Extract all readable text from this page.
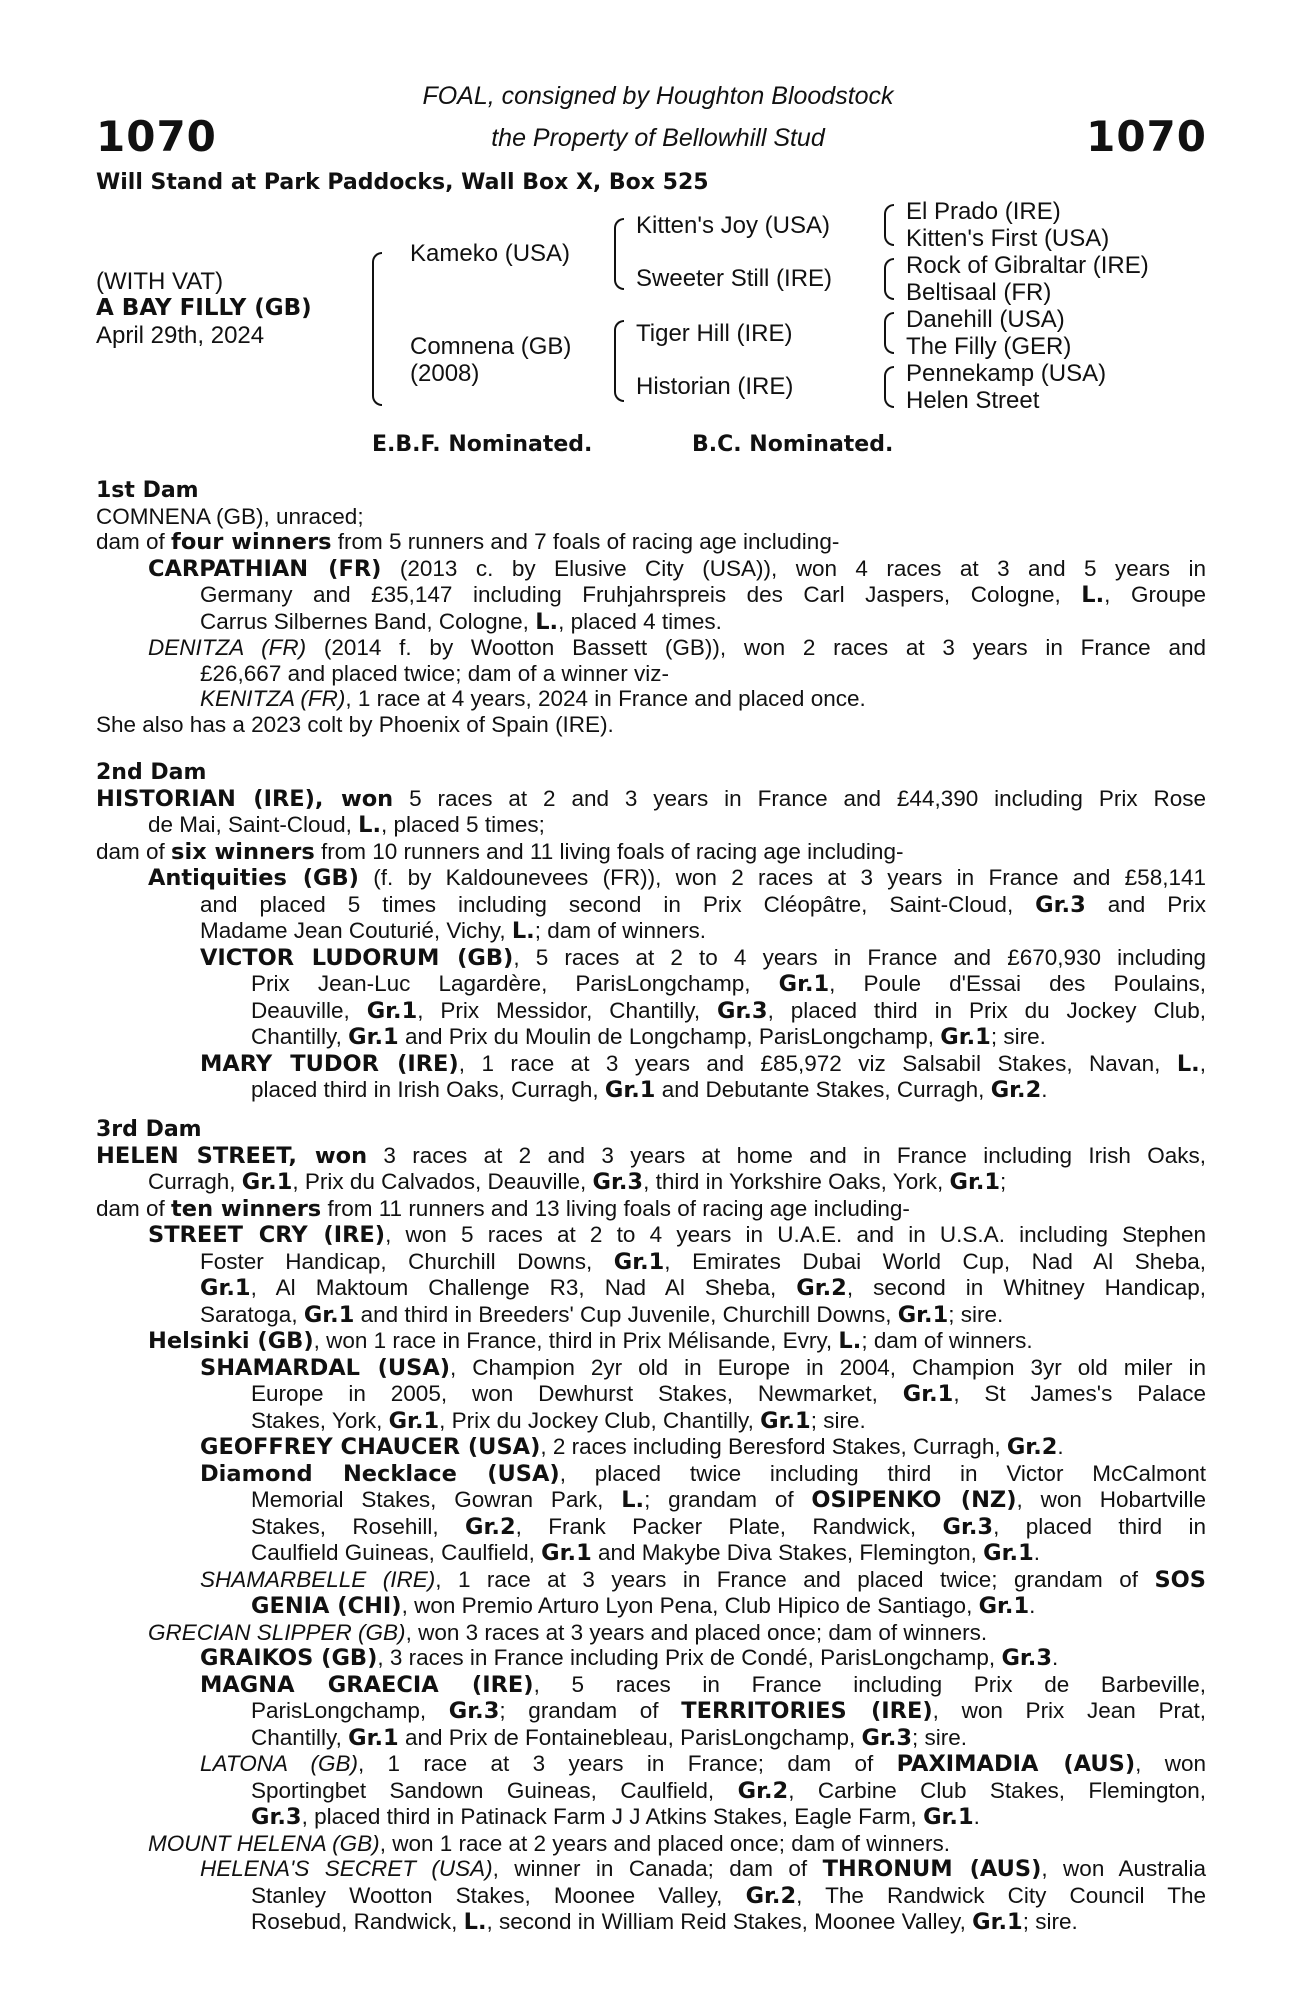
1070	1070
FOAL, consigned by Houghton Bloodstock
the Property of Bellowhill Stud
Will Stand at Park Paddocks, Wall Box X, Box 525
(WITH VAT)
A BAY FILLY (GB)
April 29th, 2024
Kameko (USA)
Comnena (GB)
(2008)
Kitten's Joy (USA)
Sweeter Still (IRE)
Tiger Hill (IRE)
Historian (IRE)
El Prado (IRE)
Kitten's First (USA)
Rock of Gibraltar (IRE)
Beltisaal (FR)
Danehill (USA)
The Filly (GER)
Pennekamp (USA)
Helen Street
E.B.F. Nominated.	B.C. Nominated.
1st Dam
COMNENA (GB), unraced;
dam of four winners from 5 runners and 7 foals of racing age including-
CARPATHIAN (FR) (2013 c. by Elusive City (USA)), won 4 races at 3 and 5 years in
Germany and £35,147 including Fruhjahrspreis des Carl Jaspers, Cologne, L., Groupe
Carrus Silbernes Band, Cologne, L., placed 4 times.
DENITZA (FR) (2014 f. by Wootton Bassett (GB)), won 2 races at 3 years in France and
£26,667 and placed twice; dam of a winner viz-
KENITZA (FR), 1 race at 4 years, 2024 in France and placed once.
She also has a 2023 colt by Phoenix of Spain (IRE).
2nd Dam
HISTORIAN (IRE), won 5 races at 2 and 3 years in France and £44,390 including Prix Rose
de Mai, Saint-Cloud, L., placed 5 times;
dam of six winners from 10 runners and 11 living foals of racing age including-
Antiquities (GB) (f. by Kaldounevees (FR)), won 2 races at 3 years in France and £58,141
and placed 5 times including second in Prix Cléopâtre, Saint-Cloud, Gr.3 and Prix
Madame Jean Couturié, Vichy, L.; dam of winners.
VICTOR LUDORUM (GB), 5 races at 2 to 4 years in France and £670,930 including
Prix Jean-Luc Lagardère, ParisLongchamp, Gr.1, Poule d'Essai des Poulains,
Deauville, Gr.1, Prix Messidor, Chantilly, Gr.3, placed third in Prix du Jockey Club,
Chantilly, Gr.1 and Prix du Moulin de Longchamp, ParisLongchamp, Gr.1; sire.
MARY TUDOR (IRE), 1 race at 3 years and £85,972 viz Salsabil Stakes, Navan, L.,
placed third in Irish Oaks, Curragh, Gr.1 and Debutante Stakes, Curragh, Gr.2.
3rd Dam
HELEN STREET, won 3 races at 2 and 3 years at home and in France including Irish Oaks,
Curragh, Gr.1, Prix du Calvados, Deauville, Gr.3, third in Yorkshire Oaks, York, Gr.1;
dam of ten winners from 11 runners and 13 living foals of racing age including-
STREET CRY (IRE), won 5 races at 2 to 4 years in U.A.E. and in U.S.A. including Stephen
Foster Handicap, Churchill Downs, Gr.1, Emirates Dubai World Cup, Nad Al Sheba,
Gr.1, Al Maktoum Challenge R3, Nad Al Sheba, Gr.2, second in Whitney Handicap,
Saratoga, Gr.1 and third in Breeders' Cup Juvenile, Churchill Downs, Gr.1; sire.
Helsinki (GB), won 1 race in France, third in Prix Mélisande, Evry, L.; dam of winners.
SHAMARDAL (USA), Champion 2yr old in Europe in 2004, Champion 3yr old miler in
Europe in 2005, won Dewhurst Stakes, Newmarket, Gr.1, St James's Palace
Stakes, York, Gr.1, Prix du Jockey Club, Chantilly, Gr.1; sire.
GEOFFREY CHAUCER (USA), 2 races including Beresford Stakes, Curragh, Gr.2.
Diamond Necklace (USA), placed twice including third in Victor McCalmont
Memorial Stakes, Gowran Park, L.; grandam of OSIPENKO (NZ), won Hobartville
Stakes, Rosehill, Gr.2, Frank Packer Plate, Randwick, Gr.3, placed third in
Caulfield Guineas, Caulfield, Gr.1 and Makybe Diva Stakes, Flemington, Gr.1.
SHAMARBELLE (IRE), 1 race at 3 years in France and placed twice; grandam of SOS
GENIA (CHI), won Premio Arturo Lyon Pena, Club Hipico de Santiago, Gr.1.
GRECIAN SLIPPER (GB), won 3 races at 3 years and placed once; dam of winners.
GRAIKOS (GB), 3 races in France including Prix de Condé, ParisLongchamp, Gr.3.
MAGNA GRAECIA (IRE), 5 races in France including Prix de Barbeville,
ParisLongchamp, Gr.3; grandam of TERRITORIES (IRE), won Prix Jean Prat,
Chantilly, Gr.1 and Prix de Fontainebleau, ParisLongchamp, Gr.3; sire.
LATONA (GB), 1 race at 3 years in France; dam of PAXIMADIA (AUS), won
Sportingbet Sandown Guineas, Caulfield, Gr.2, Carbine Club Stakes, Flemington,
Gr.3, placed third in Patinack Farm J J Atkins Stakes, Eagle Farm, Gr.1.
MOUNT HELENA (GB), won 1 race at 2 years and placed once; dam of winners.
HELENA'S SECRET (USA), winner in Canada; dam of THRONUM (AUS), won Australia
Stanley Wootton Stakes, Moonee Valley, Gr.2, The Randwick City Council The
Rosebud, Randwick, L., second in William Reid Stakes, Moonee Valley, Gr.1; sire.
